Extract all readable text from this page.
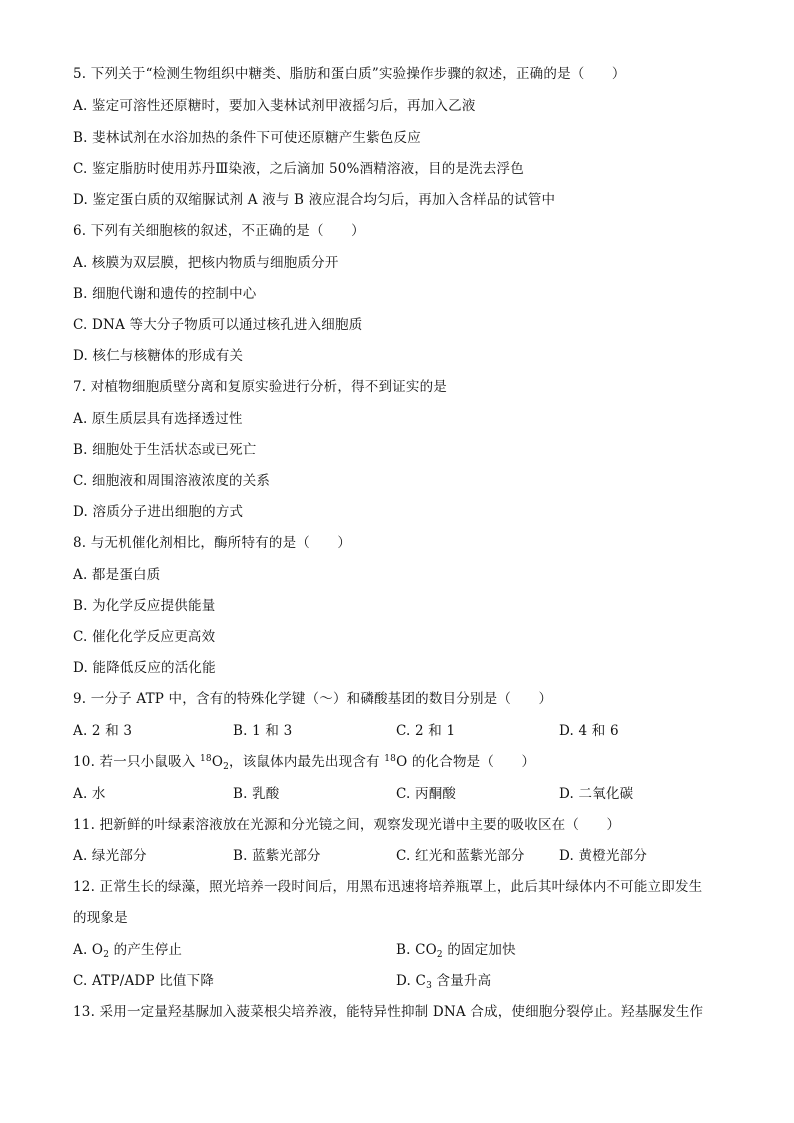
5. 下列关于“检测生物组织中糖类、脂肪和蛋白质”实验操作步骤的叙述，正确的是（　　）
A. 鉴定可溶性还原糖时，要加入斐林试剂甲液摇匀后，再加入乙液
B. 斐林试剂在水浴加热的条件下可使还原糖产生紫色反应
C. 鉴定脂肪时使用苏丹Ⅲ染液，之后滴加 50%酒精溶液，目的是洗去浮色
D. 鉴定蛋白质的双缩脲试剂 A 液与 B 液应混合均匀后，再加入含样品的试管中
6. 下列有关细胞核的叙述，不正确的是（　　）
A. 核膜为双层膜，把核内物质与细胞质分开
B. 细胞代谢和遗传的控制中心
C. DNA 等大分子物质可以通过核孔进入细胞质
D. 核仁与核糖体的形成有关
7. 对植物细胞质壁分离和复原实验进行分析，得不到证实的是
A. 原生质层具有选择透过性
B. 细胞处于生活状态或已死亡
C. 细胞液和周围溶液浓度的关系
D. 溶质分子进出细胞的方式
8. 与无机催化剂相比，酶所特有的是（　　）
A. 都是蛋白质
B. 为化学反应提供能量
C. 催化化学反应更高效
D. 能降低反应的活化能
9. 一分子 ATP 中，含有的特殊化学键（～）和磷酸基团的数目分别是（　　）
A. 2 和 3	B. 1 和 3	C. 2 和 1	D. 4 和 6
10. 若一只小鼠吸入 $^{18}O_2$，该鼠体内最先出现含有 $^{18}$O 的化合物是（　　）
A. 水	B. 乳酸	C. 丙酮酸	D. 二氧化碳
11. 把新鲜的叶绿素溶液放在光源和分光镜之间，观察发现光谱中主要的吸收区在（　　）
A. 绿光部分	B. 蓝紫光部分	C. 红光和蓝紫光部分	D. 黄橙光部分
12. 正常生长的绿藻，照光培养一段时间后，用黑布迅速将培养瓶罩上，此后其叶绿体内不可能立即发生
的现象是
A. $O_2$ 的产生停止	B. $CO_2$ 的固定加快
C. ATP/ADP 比值下降	D. $C_3$ 含量升高
13. 采用一定量羟基脲加入菠菜根尖培养液，能特异性抑制 DNA 合成，使细胞分裂停止。羟基脲发生作
